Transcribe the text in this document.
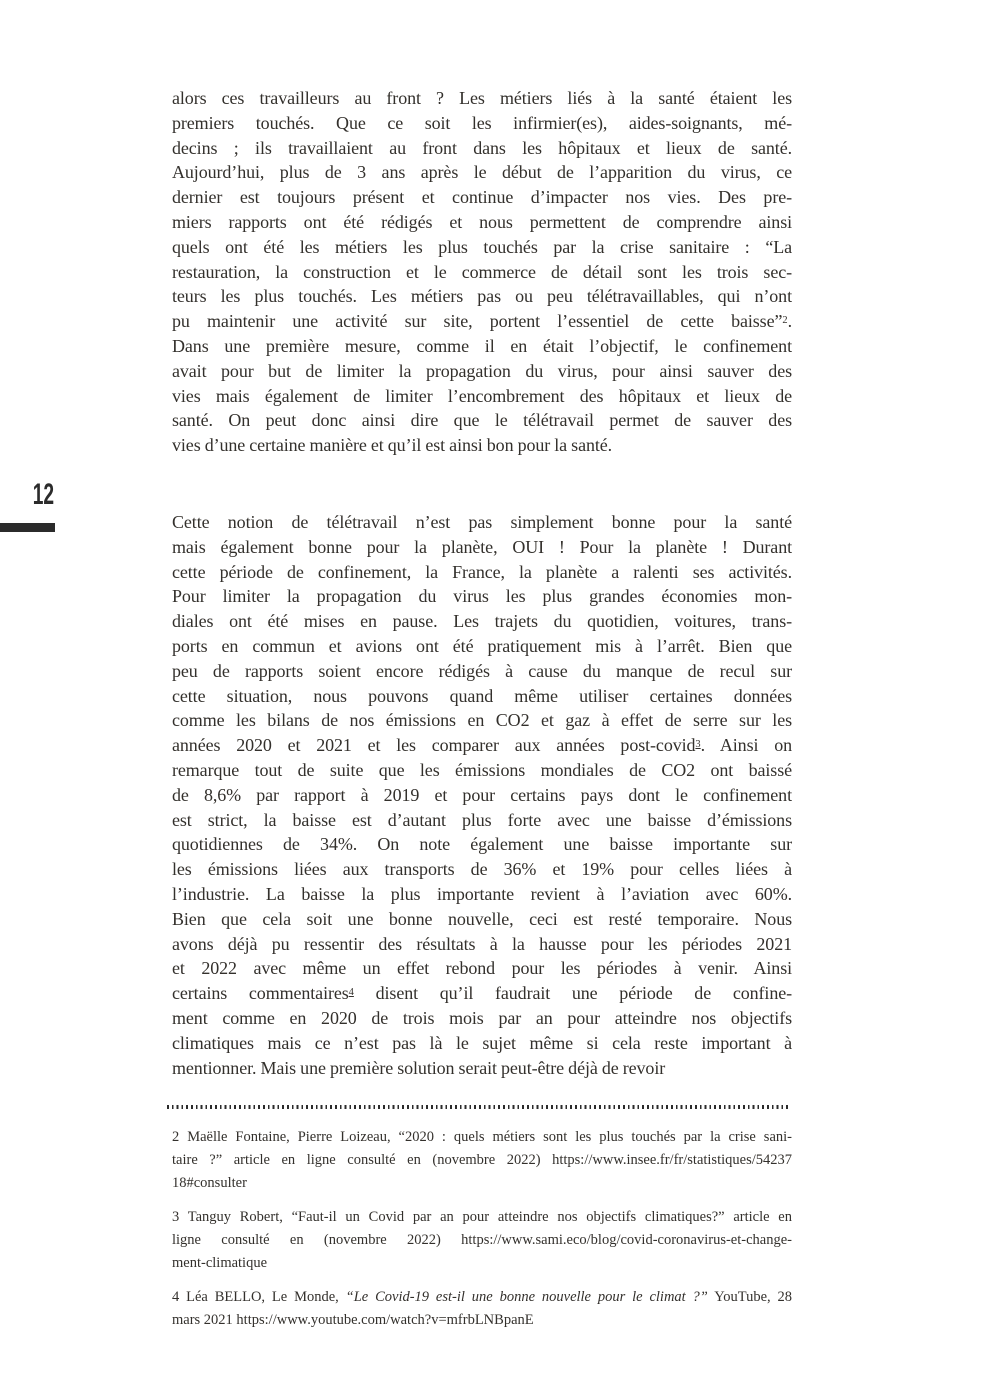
12
alors ces travailleurs au front ? Les métiers liés à la santé étaient les
premiers touchés. Que ce soit les infirmier(es), aides-soignants, mé-
decins ; ils travaillaient au front dans les hôpitaux et lieux de santé.
Aujourd’hui, plus de 3 ans après le début de l’apparition du virus, ce
dernier est toujours présent et continue d’impacter nos vies. Des pre-
miers rapports ont été rédigés et nous permettent de comprendre ainsi
quels ont été les métiers les plus touchés par la crise sanitaire : “La
restauration, la construction et le commerce de détail sont les trois sec-
teurs les plus touchés. Les métiers pas ou peu télétravaillables, qui n’ont
pu maintenir une activité sur site, portent l’essentiel de cette baisse”$^2$.
Dans une première mesure, comme il en était l’objectif, le confinement
avait pour but de limiter la propagation du virus, pour ainsi sauver des
vies mais également de limiter l’encombrement des hôpitaux et lieux de
santé. On peut donc ainsi dire que le télétravail permet de sauver des
vies d’une certaine manière et qu’il est ainsi bon pour la santé.
Cette notion de télétravail n’est pas simplement bonne pour la santé
mais également bonne pour la planète, OUI ! Pour la planète ! Durant
cette période de confinement, la France, la planète a ralenti ses activités.
Pour limiter la propagation du virus les plus grandes économies mon-
diales ont été mises en pause. Les trajets du quotidien, voitures, trans-
ports en commun et avions ont été pratiquement mis à l’arrêt. Bien que
peu de rapports soient encore rédigés à cause du manque de recul sur
cette situation, nous pouvons quand même utiliser certaines données
comme les bilans de nos émissions en CO2 et gaz à effet de serre sur les
années 2020 et 2021 et les comparer aux années post-covid$^3$. Ainsi on
remarque tout de suite que les émissions mondiales de CO2 ont baissé
de 8,6% par rapport à 2019 et pour certains pays dont le confinement
est strict, la baisse est d’autant plus forte avec une baisse d’émissions
quotidiennes de 34%. On note également une baisse importante sur
les émissions liées aux transports de 36% et 19% pour celles liées à
l’industrie. La baisse la plus importante revient à l’aviation avec 60%.
Bien que cela soit une bonne nouvelle, ceci est resté temporaire. Nous
avons déjà pu ressentir des résultats à la hausse pour les périodes 2021
et 2022 avec même un effet rebond pour les périodes à venir. Ainsi
certains commentaires$^4$ disent qu’il faudrait une période de confine-
ment comme en 2020 de trois mois par an pour atteindre nos objectifs
climatiques mais ce n’est pas là le sujet même si cela reste important à
mentionner. Mais une première solution serait peut-être déjà de revoir
2 Maëlle Fontaine, Pierre Loizeau, “2020 : quels métiers sont les plus touchés par la crise sani-
taire ?” article en ligne consulté en (novembre 2022) https://www.insee.fr/fr/statistiques/54237
18#consulter
3 Tanguy Robert, “Faut-il un Covid par an pour atteindre nos objectifs climatiques?” article en
ligne consulté en (novembre 2022) https://www.sami.eco/blog/covid-coronavirus-et-change-
ment-climatique
4 Léa BELLO, Le Monde, “Le Covid-19 est-il une bonne nouvelle pour le climat ?” YouTube, 28
mars 2021 https://www.youtube.com/watch?v=mfrbLNBpanE
